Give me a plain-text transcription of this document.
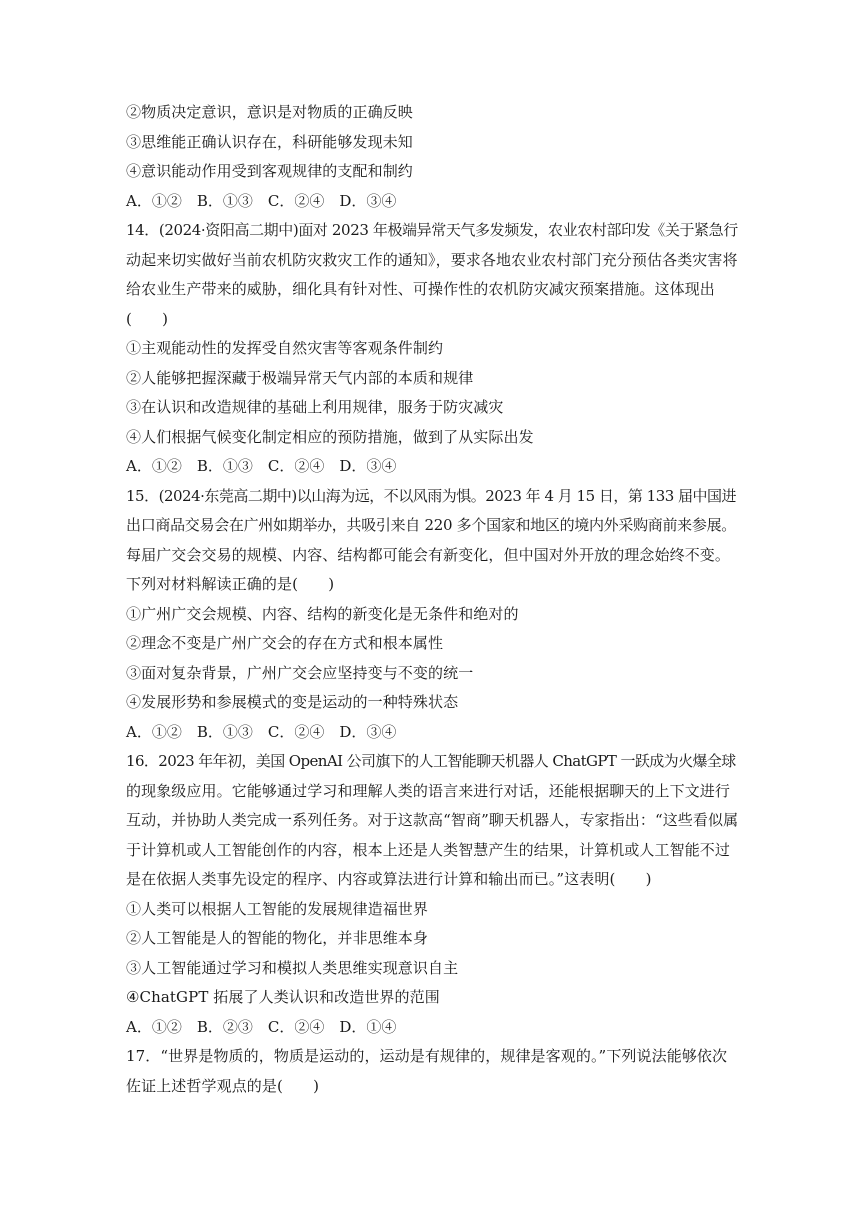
②物质决定意识，意识是对物质的正确反映
③思维能正确认识存在，科研能够发现未知
④意识能动作用受到客观规律的支配和制约
A．①②　B．①③　C．②④　D．③④
14．(2024·资阳高二期中)面对 2023 年极端异常天气多发频发，农业农村部印发《关于紧急行
动起来切实做好当前农机防灾救灾工作的通知》，要求各地农业农村部门充分预估各类灾害将
给农业生产带来的威胁，细化具有针对性、可操作性的农机防灾减灾预案措施。这体现出
(　　)
①主观能动性的发挥受自然灾害等客观条件制约
②人能够把握深藏于极端异常天气内部的本质和规律
③在认识和改造规律的基础上利用规律，服务于防灾减灾
④人们根据气候变化制定相应的预防措施，做到了从实际出发
A．①②　B．①③　C．②④　D．③④
15．(2024·东莞高二期中)以山海为远，不以风雨为惧。2023 年 4 月 15 日，第 133 届中国进
出口商品交易会在广州如期举办，共吸引来自 220 多个国家和地区的境内外采购商前来参展。
每届广交会交易的规模、内容、结构都可能会有新变化，但中国对外开放的理念始终不变。
下列对材料解读正确的是(　　)
①广州广交会规模、内容、结构的新变化是无条件和绝对的
②理念不变是广州广交会的存在方式和根本属性
③面对复杂背景，广州广交会应坚持变与不变的统一
④发展形势和参展模式的变是运动的一种特殊状态
A．①②　B．①③　C．②④　D．③④
16．2023 年年初，美国 OpenAI 公司旗下的人工智能聊天机器人 ChatGPT 一跃成为火爆全球
的现象级应用。它能够通过学习和理解人类的语言来进行对话，还能根据聊天的上下文进行
互动，并协助人类完成一系列任务。对于这款高“智商”聊天机器人，专家指出：“这些看似属
于计算机或人工智能创作的内容，根本上还是人类智慧产生的结果，计算机或人工智能不过
是在依据人类事先设定的程序、内容或算法进行计算和输出而已。”这表明(　　)
①人类可以根据人工智能的发展规律造福世界
②人工智能是人的智能的物化，并非思维本身
③人工智能通过学习和模拟人类思维实现意识自主
④ChatGPT 拓展了人类认识和改造世界的范围
A．①②　B．②③　C．②④　D．①④
17．“世界是物质的，物质是运动的，运动是有规律的，规律是客观的。”下列说法能够依次
佐证上述哲学观点的是(　　)
